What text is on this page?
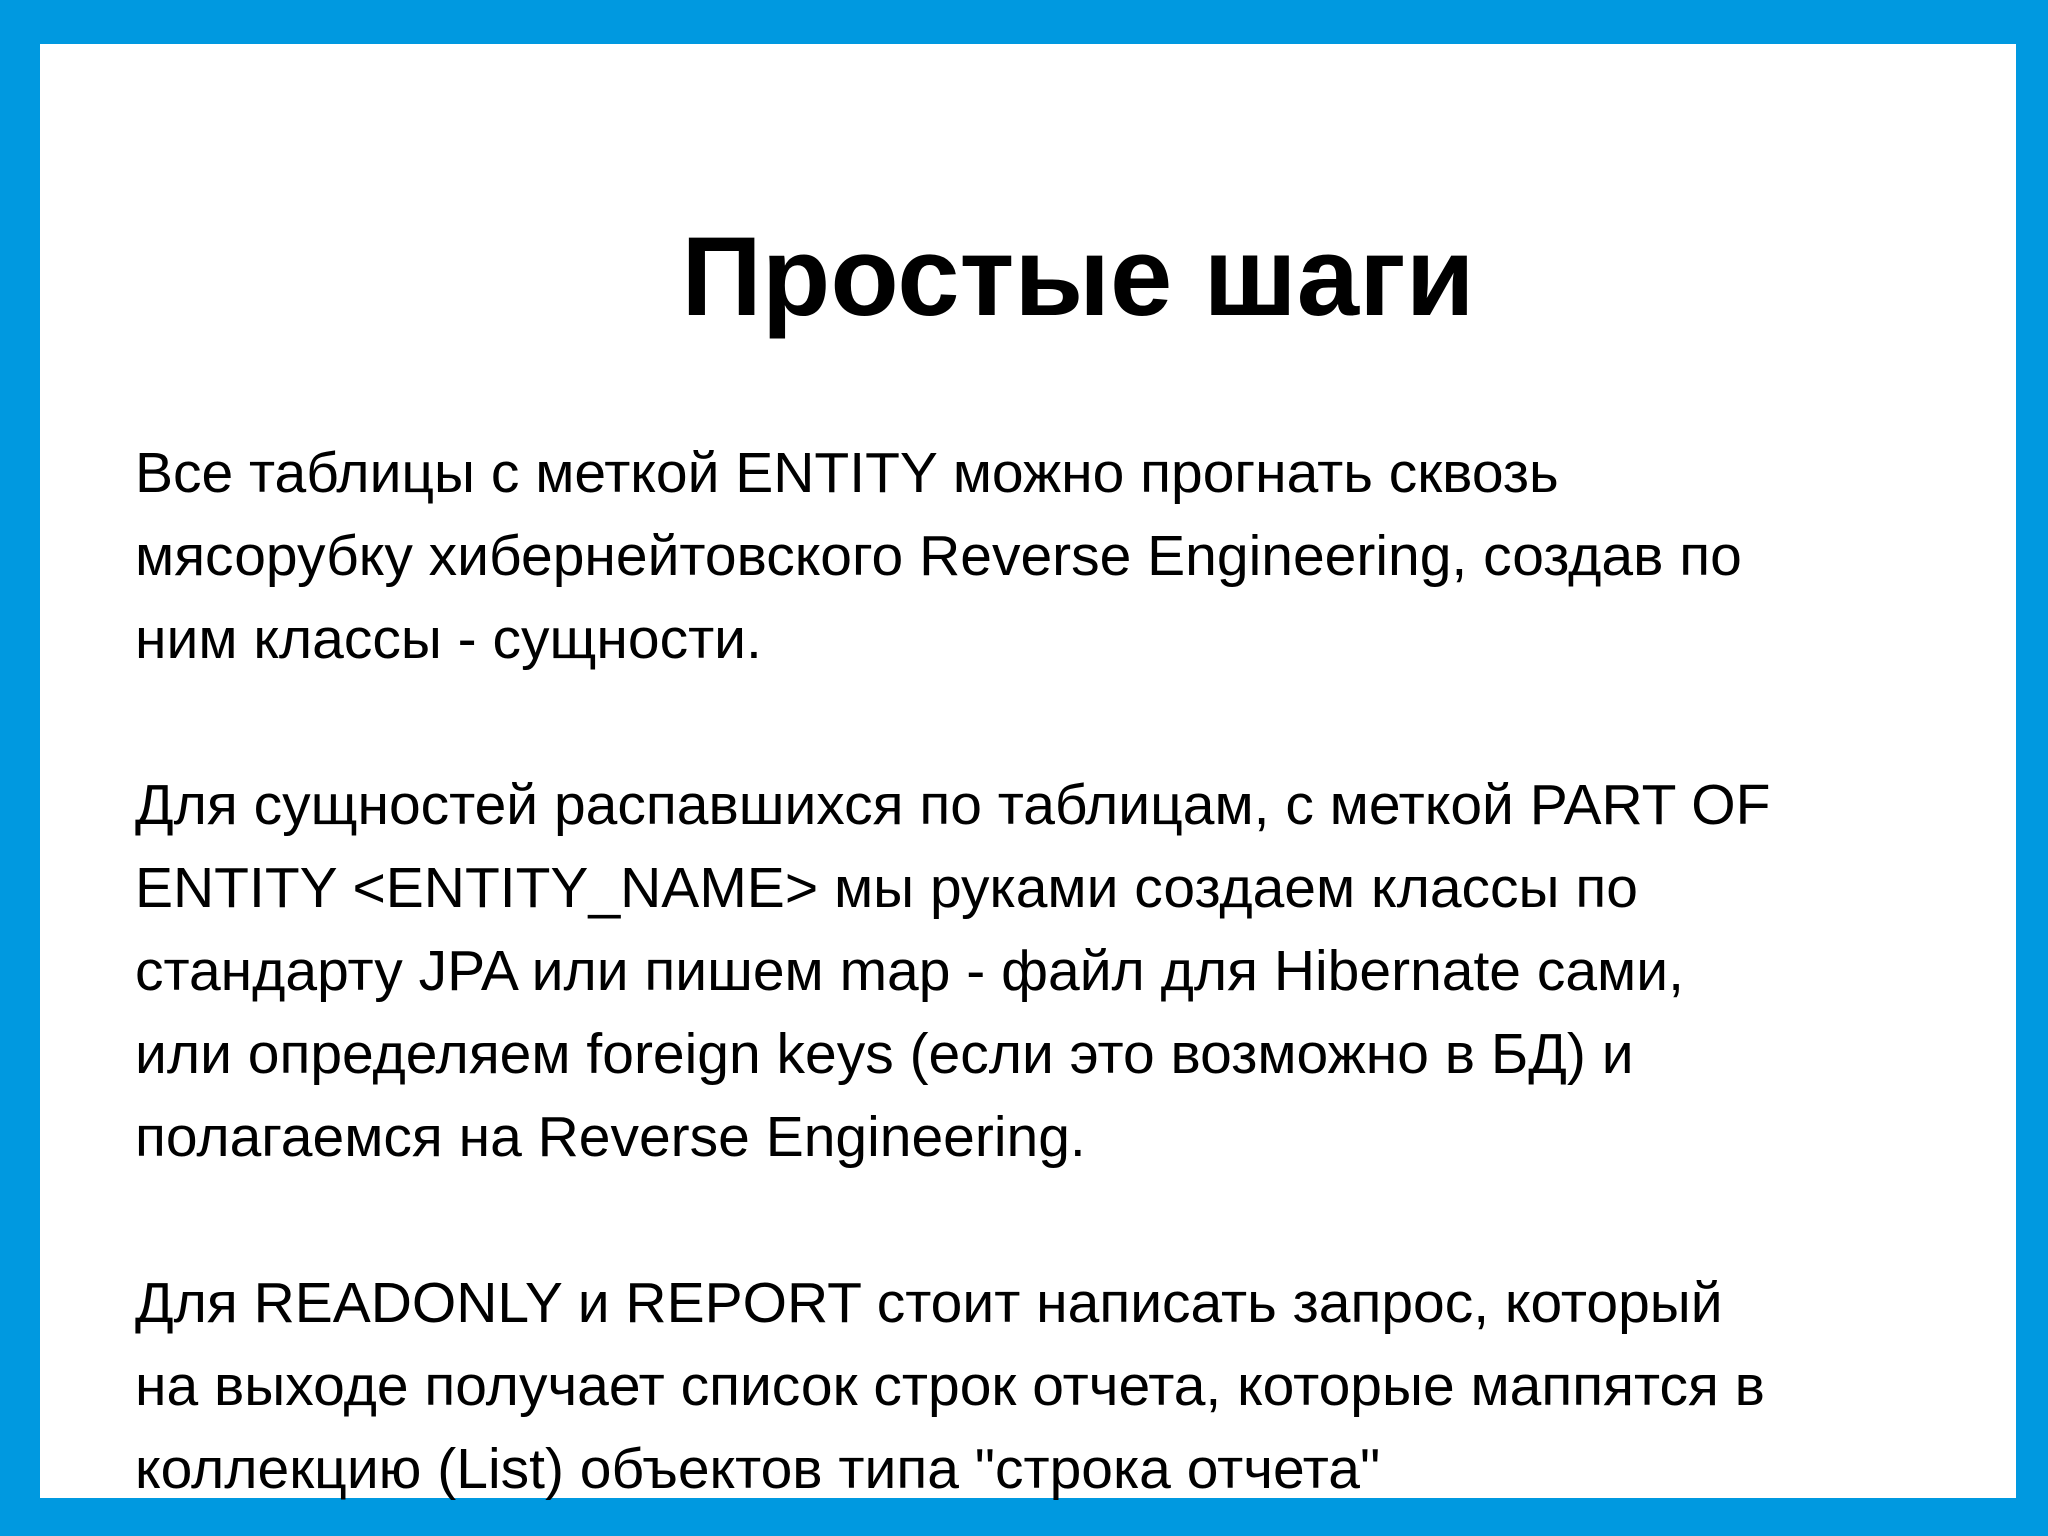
Простые шаги

Все таблицы с меткой ENTITY можно прогнать сквозь
мясорубку хибернейтовского Reverse Engineering, создав по
ним классы - сущности.

Для сущностей распавшихся по таблицам, с меткой PART OF
ENTITY <ENTITY_NAME> мы руками создаем классы по
стандарту JPA или пишем map - файл для Hibernate сами,
или определяем foreign keys (если это возможно в БД) и
полагаемся на Reverse Engineering.

Для READONLY и REPORT стоит написать запрос, который
на выходе получает список строк отчета, которые маппятся в
коллекцию (List) объектов типа "строка отчета"
